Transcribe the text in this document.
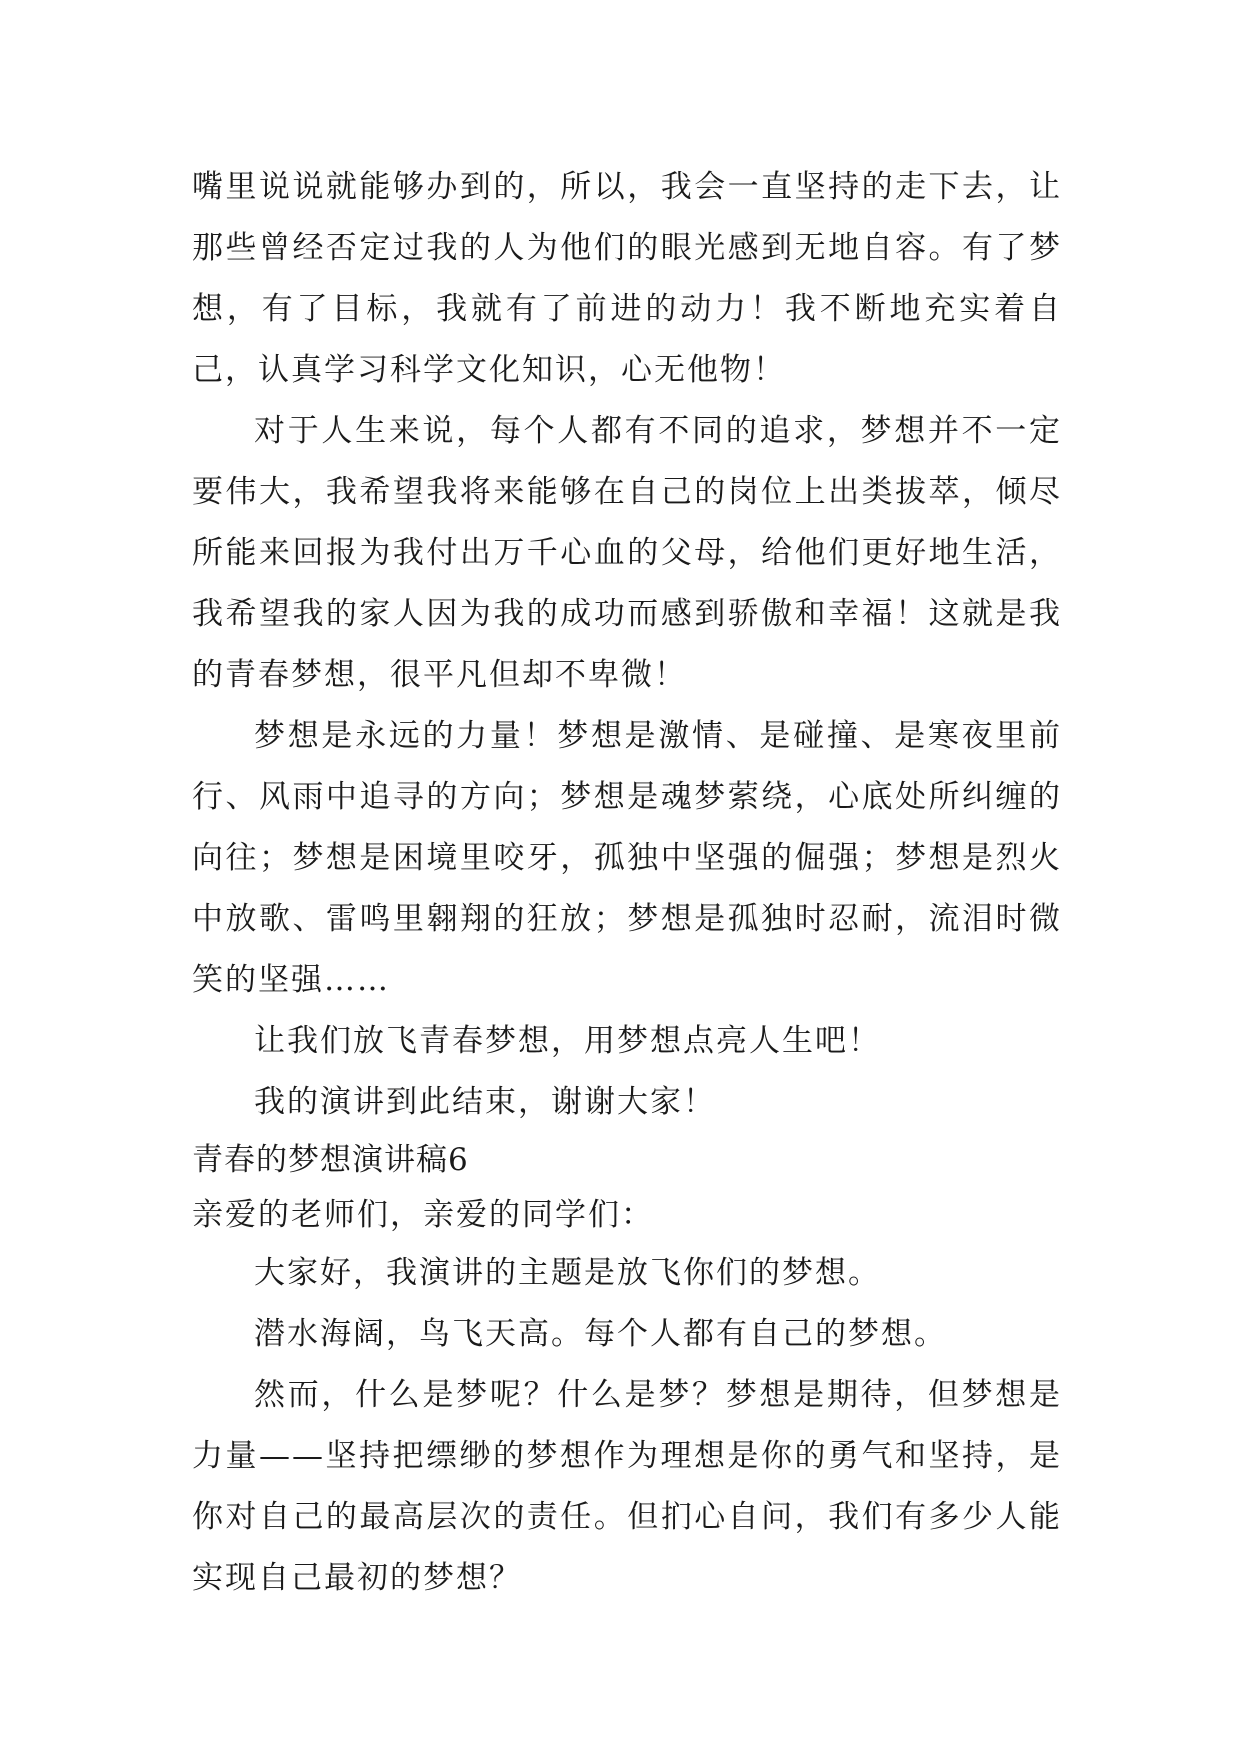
嘴里说说就能够办到的，所以，我会一直坚持的走下去，让那些曾经否定过我的人为他们的眼光感到无地自容。有了梦想，有了目标，我就有了前进的动力！我不断地充实着自己，认真学习科学文化知识，心无他物！

对于人生来说，每个人都有不同的追求，梦想并不一定要伟大，我希望我将来能够在自己的岗位上出类拔萃，倾尽所能来回报为我付出万千心血的父母，给他们更好地生活，我希望我的家人因为我的成功而感到骄傲和幸福！这就是我的青春梦想，很平凡但却不卑微！

梦想是永远的力量！梦想是激情、是碰撞、是寒夜里前行、风雨中追寻的方向；梦想是魂梦萦绕，心底处所纠缠的向往；梦想是困境里咬牙，孤独中坚强的倔强；梦想是烈火中放歌、雷鸣里翱翔的狂放；梦想是孤独时忍耐，流泪时微笑的坚强……

让我们放飞青春梦想，用梦想点亮人生吧！

我的演讲到此结束，谢谢大家！

青春的梦想演讲稿6

亲爱的老师们，亲爱的同学们：

大家好，我演讲的主题是放飞你们的梦想。

潜水海阔，鸟飞天高。每个人都有自己的梦想。

然而，什么是梦呢？什么是梦？梦想是期待，但梦想是力量——坚持把缥缈的梦想作为理想是你的勇气和坚持，是你对自己的最高层次的责任。但扪心自问，我们有多少人能实现自己最初的梦想？
